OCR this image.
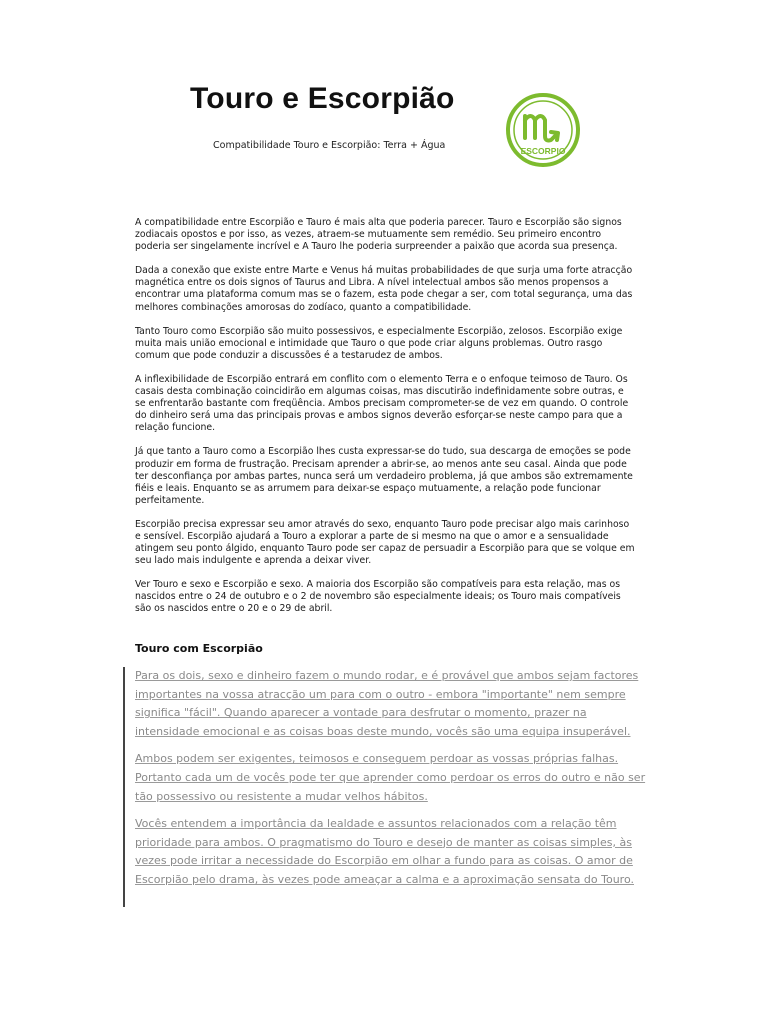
Touro e Escorpião
Compatibilidade Touro e Escorpião: Terra + Água	ESCORPIO

A compatibilidade entre Escorpião e Tauro é mais alta que poderia parecer. Tauro e Escorpião são signos zodiacais opostos e por isso, as vezes, atraem-se mutuamente sem remédio. Seu primeiro encontro poderia ser singelamente incrível e A Tauro lhe poderia surpreender a paixão que acorda sua presença.

Dada a conexão que existe entre Marte e Venus há muitas probabilidades de que surja uma forte atracção magnética entre os dois signos of Taurus and Libra. A nível intelectual ambos são menos propensos a encontrar uma plataforma comum mas se o fazem, esta pode chegar a ser, com total segurança, uma das melhores combinações amorosas do zodíaco, quanto a compatibilidade.

Tanto Touro como Escorpião são muito possessivos, e especialmente Escorpião, zelosos. Escorpião exige muita mais união emocional e intimidade que Tauro o que pode criar alguns problemas. Outro rasgo comum que pode conduzir a discussões é a testarudez de ambos.

A inflexibilidade de Escorpião entrará em conflito com o elemento Terra e o enfoque teimoso de Tauro. Os casais desta combinação coincidirão em algumas coisas, mas discutirão indefinidamente sobre outras, e se enfrentarão bastante com freqüência. Ambos precisam comprometer-se de vez em quando. O controle do dinheiro será uma das principais provas e ambos signos deverão esforçar-se neste campo para que a relação funcione.

Já que tanto a Tauro como a Escorpião lhes custa expressar-se do tudo, sua descarga de emoções se pode produzir em forma de frustração. Precisam aprender a abrir-se, ao menos ante seu casal. Ainda que pode ter desconfiança por ambas partes, nunca será um verdadeiro problema, já que ambos são extremamente fiéis e leais. Enquanto se as arrumem para deixar-se espaço mutuamente, a relação pode funcionar perfeitamente.

Escorpião precisa expressar seu amor através do sexo, enquanto Tauro pode precisar algo mais carinhoso e sensível. Escorpião ajudará a Touro a explorar a parte de si mesmo na que o amor e a sensualidade atingem seu ponto álgido, enquanto Tauro pode ser capaz de persuadir a Escorpião para que se volque em seu lado mais indulgente e aprenda a deixar viver.

Ver Touro e sexo e Escorpião e sexo. A maioria dos Escorpião são compatíveis para esta relação, mas os nascidos entre o 24 de outubro e o 2 de novembro são especialmente ideais; os Touro mais compatíveis são os nascidos entre o 20 e o 29 de abril.

Touro com Escorpião

Para os dois, sexo e dinheiro fazem o mundo rodar, e é provável que ambos sejam factores importantes na vossa atracção um para com o outro - embora "importante" nem sempre significa "fácil". Quando aparecer a vontade para desfrutar o momento, prazer na intensidade emocional e as coisas boas deste mundo, vocês são uma equipa insuperável.

Ambos podem ser exigentes, teimosos e conseguem perdoar as vossas próprias falhas. Portanto cada um de vocês pode ter que aprender como perdoar os erros do outro e não ser tão possessivo ou resistente a mudar velhos hábitos.

Vocês entendem a importância da lealdade e assuntos relacionados com a relação têm prioridade para ambos. O pragmatismo do Touro e desejo de manter as coisas simples, às vezes pode irritar a necessidade do Escorpião em olhar a fundo para as coisas. O amor de Escorpião pelo drama, às vezes pode ameaçar a calma e a aproximação sensata do Touro.
